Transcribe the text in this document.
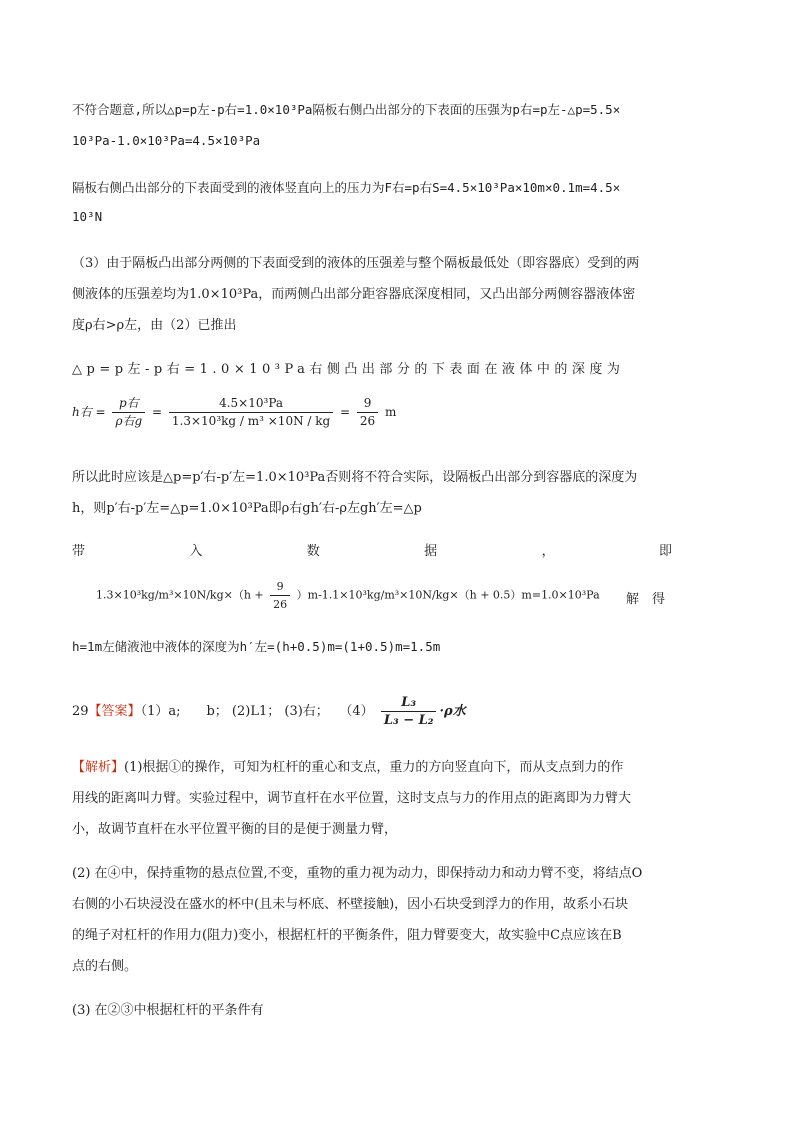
不符合题意,所以△p=p左-p右=1.0×10³Pa隔板右侧凸出部分的下表面的压强为p右=p左-△p=5.5×
10³Pa-1.0×10³Pa=4.5×10³Pa
隔板右侧凸出部分的下表面受到的液体竖直向上的压力为F右=p右S=4.5×10³Pa×10m×0.1m=4.5×
10³N
（3）由于隔板凸出部分两侧的下表面受到的液体的压强差与整个隔板最低处（即容器底）受到的两
侧液体的压强差均为1.0×10³Pa，而两侧凸出部分距容器底深度相同，又凸出部分两侧容器液体密
度ρ右>ρ左，由（2）已推出
△p=p左-p右=1.0×10³Pa右侧凸出部分的下表面在液体中的深度为
h右 = $\frac{\text{p右}}{\text{ρ右g}} = \frac{\text{4.5×10³Pa}}{\text{1.3×10³kg / m³ ×10N / kg}} = \frac{9}{26}$ m
所以此时应该是△p=p′右-p′左=1.0×10³Pa否则将不符合实际，设隔板凸出部分到容器底的深度为
h，则p′右-p′左=△p=1.0×10³Pa即ρ右gh′右-ρ左gh′左=△p
带	入	数	据	，	即
$1.3\times 10^3kg/m^3\times 10N/kg\times(h + \frac{9}{26} )m-1.1\times 10^3kg/m^3\times 10N/kg\times(h + 0.5)m=1.0\times 10^3Pa$ 解　得
h=1m左储液池中液体的深度为h′左=(h+0.5)m=(1+0.5)m=1.5m
29【答案】（1）a;　　b； (2)L1； (3)右；　 $(4) \frac{\text{L₃}}{\text{L₃ − L₂}} \cdot\rho$水
【解析】(1)根据①的操作，可知为杠杆的重心和支点，重力的方向竖直向下，而从支点到力的作
用线的距离叫力臂。实验过程中，调节直杆在水平位置，这时支点与力的作用点的距离即为力臂大
小，故调节直杆在水平位置平衡的目的是便于测量力臂，
(2) 在④中，保持重物的悬点位置,不变，重物的重力视为动力，即保持动力和动力臂不变，将结点O
右侧的小石块浸没在盛水的杯中(且未与杯底、杯壁接触)，因小石块受到浮力的作用，故系小石块
的绳子对杠杆的作用力(阻力)变小，根据杠杆的平衡条件，阻力臂要变大，故实验中C点应该在B
点的右侧。
(3) 在②③中根据杠杆的平条件有
